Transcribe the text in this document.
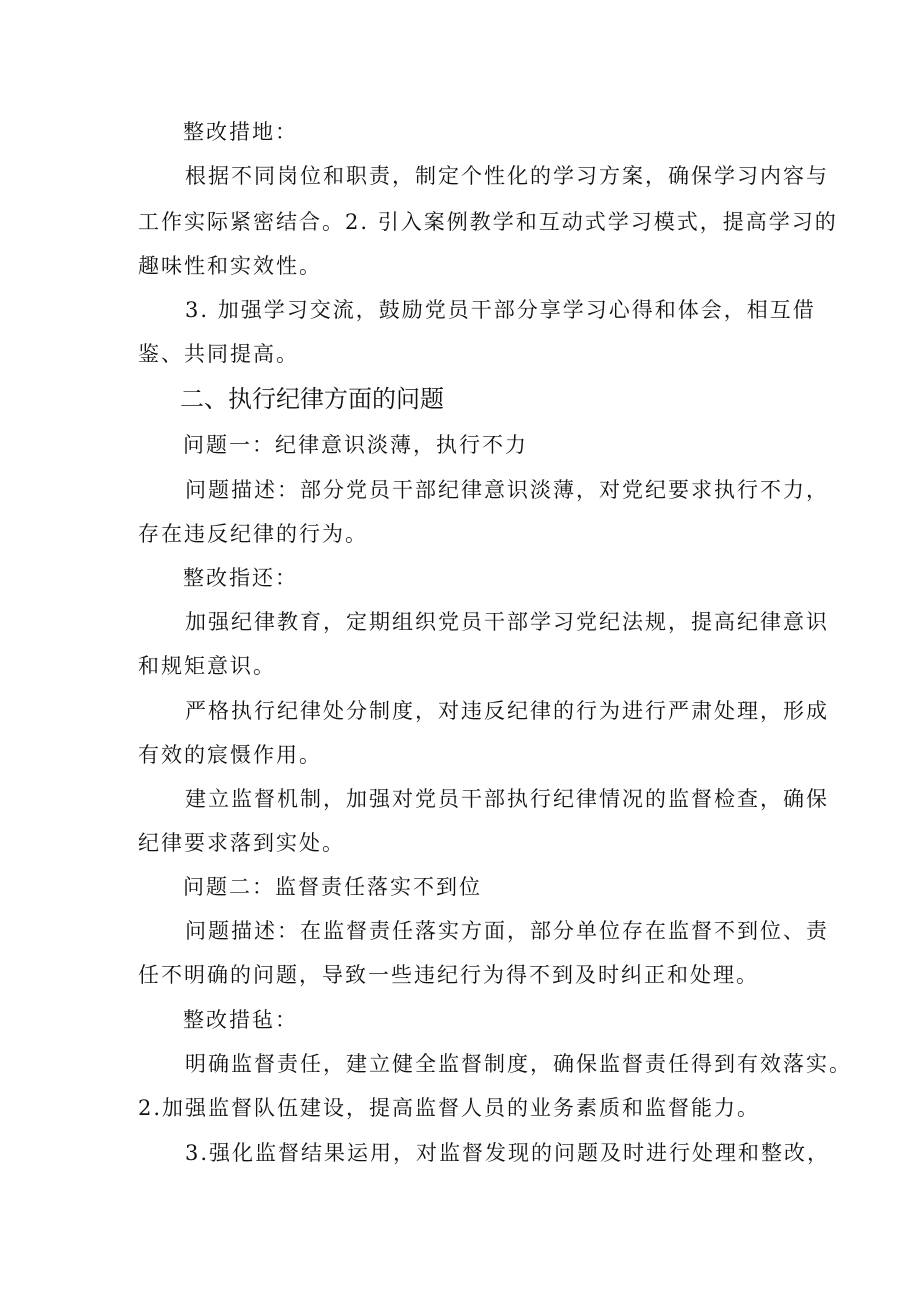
整改措地：
根据不同岗位和职责，制定个性化的学习方案，确保学习内容与
工作实际紧密结合。2. 引入案例教学和互动式学习模式，提高学习的
趣味性和实效性。
3. 加强学习交流，鼓励党员干部分享学习心得和体会，相互借
鉴、共同提高。
二、执行纪律方面的问题
问题一：纪律意识淡薄，执行不力
问题描述：部分党员干部纪律意识淡薄，对党纪要求执行不力，
存在违反纪律的行为。
整改指还：
加强纪律教育，定期组织党员干部学习党纪法规，提高纪律意识
和规矩意识。
严格执行纪律处分制度，对违反纪律的行为进行严肃处理，形成
有效的宸慑作用。
建立监督机制，加强对党员干部执行纪律情况的监督检查，确保
纪律要求落到实处。
问题二：监督责任落实不到位
问题描述：在监督责任落实方面，部分单位存在监督不到位、责
任不明确的问题，导致一些违纪行为得不到及时纠正和处理。
整改措毡：
明确监督责任，建立健全监督制度，确保监督责任得到有效落实。
2.加强监督队伍建设，提高监督人员的业务素质和监督能力。
3.强化监督结果运用，对监督发现的问题及时进行处理和整改，
